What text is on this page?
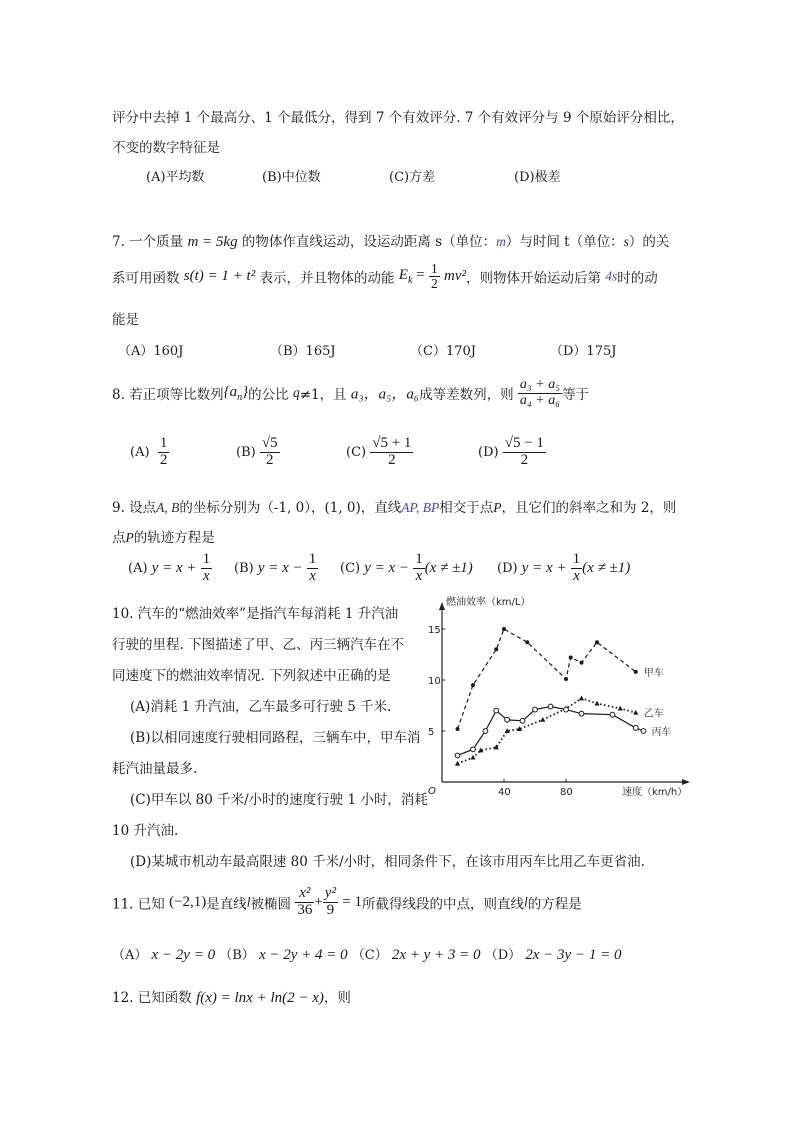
评分中去掉 1 个最高分、1 个最低分，得到 7 个有效评分. 7 个有效评分与 9 个原始评分相比，
不变的数字特征是
(A)平均数	(B)中位数	(C)方差	(D)极差
7. 一个质量 m = 5kg 的物体作直线运动，设运动距离 s（单位：m）与时间 t（单位：s）的关
系可用函数 s(t) = 1 + t² 表示，并且物体的动能 $E_k = \frac{1}{2} mv^2$，则物体开始运动后第 4s时的动
能是
（A）160J	（B）165J	（C）170J	（D）175J
8. 若正项等比数列$\{a_n\}$的公比 q≠1，且 a₃，a₅，a₆成等差数列，则 $\frac{\text{a₃ + a₅}}{\text{a₄ + a₆}}$ 等于
$(A) \frac{1}{2}$	$(B) \frac{√5}{2}$	$(C) \frac{√5 + 1}{2}$	$(D) \frac{√5 - 1}{2}$
9. 设点A, B的坐标分别为（-1, 0），(1, 0)，直线AP, BP相交于点P，且它们的斜率之和为 2，则
点P的轨迹方程是
(A) $y = x + \frac{1}{x} (B) y = x - \frac{1}{x} (C) y = x - \frac{1}{x} (x \ne \pm 1)$ (D) $y = x + \frac{1}{x} (x \ne \pm 1)$
10. 汽车的“燃油效率”是指汽车每消耗 1 升汽油
行驶的里程. 下图描述了甲、乙、丙三辆汽车在不
同速度下的燃油效率情况. 下列叙述中正确的是
(A)消耗 1 升汽油，乙车最多可行驶 5 千米.
(B)以相同速度行驶相同路程，三辆车中，甲车消
耗汽油量最多.
(C)甲车以 80 千米/小时的速度行驶 1 小时，消耗
10 升汽油.
(D)某城市机动车最高限速 80 千米/小时，相同条件下，在该市用丙车比用乙车更省油.
燃油效率（km/L）
速度（km/h）
O
5
10
15
40	80
甲车
乙车
丙车
11. 已知 (−2,1)是直线l被椭圆 $\frac{\text{x²}}{36} + \frac{\text{y²}}{9} = 1$所截得线段的中点，则直线l的方程是
（A） x − 2y = 0 （B） x − 2y + 4 = 0 （C） 2x + y + 3 = 0 （D） 2x − 3y − 1 = 0
12. 已知函数 f(x) = lnx + ln(2 − x)，则
